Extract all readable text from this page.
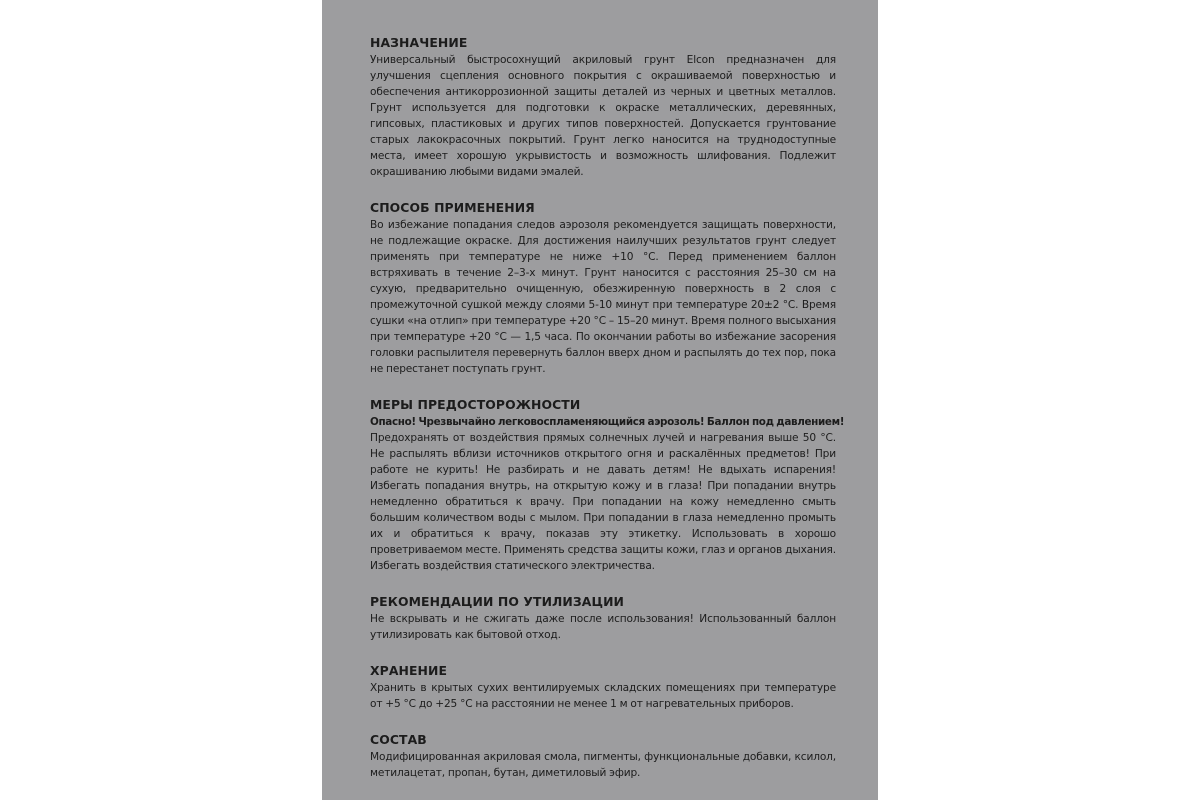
НАЗНАЧЕНИЕ

Универсальный быстросохнущий акриловый грунт Elcon предназначен для улучшения сцепления основного покрытия с окрашиваемой поверхностью и обеспечения антикоррозионной защиты деталей из черных и цветных металлов. Грунт используется для подготовки к окраске металлических, деревянных, гипсовых, пластиковых и других типов поверхностей. Допускается грунтование старых лакокрасочных покрытий. Грунт легко наносится на труднодоступные места, имеет хорошую укрывистость и возможность шлифования. Подлежит окрашиванию любыми видами эмалей.

СПОСОБ ПРИМЕНЕНИЯ

Во избежание попадания следов аэрозоля рекомендуется защищать поверхности, не подлежащие окраске. Для достижения наилучших результатов грунт следует применять при температуре не ниже +10 °С. Перед применением баллон встряхивать в течение 2–3-х минут. Грунт наносится с расстояния 25–30 см на сухую, предварительно очищенную, обезжиренную поверхность в 2 слоя с промежуточной сушкой между слоями 5-10 минут при температуре 20±2 °С. Время сушки «на отлип» при температуре +20 °С – 15–20 минут. Время полного высыхания при температуре +20 °С — 1,5 часа. По окончании работы во избежание засорения головки распылителя перевернуть баллон вверх дном и распылять до тех пор, пока не перестанет поступать грунт.

МЕРЫ ПРЕДОСТОРОЖНОСТИ

Опасно! Чрезвычайно легковоспламеняющийся аэрозоль! Баллон под давлением!

Предохранять от воздействия прямых солнечных лучей и нагревания выше 50 °С. Не распылять вблизи источников открытого огня и раскалённых предметов! При работе не курить! Не разбирать и не давать детям! Не вдыхать испарения! Избегать попадания внутрь, на открытую кожу и в глаза! При попадании внутрь немедленно обратиться к врачу. При попадании на кожу немедленно смыть большим количеством воды с мылом. При попадании в глаза немедленно промыть их и обратиться к врачу, показав эту этикетку. Использовать в хорошо проветриваемом месте. Применять средства защиты кожи, глаз и органов дыхания. Избегать воздействия статического электричества.

РЕКОМЕНДАЦИИ ПО УТИЛИЗАЦИИ

Не вскрывать и не сжигать даже после использования! Использованный баллон утилизировать как бытовой отход.

ХРАНЕНИЕ

Хранить в крытых сухих вентилируемых складских помещениях при температуре от +5 °С до +25 °С на расстоянии не менее 1 м от нагревательных приборов.

СОСТАВ

Модифицированная акриловая смола, пигменты, функциональные добавки, ксилол, метилацетат, пропан, бутан, диметиловый эфир.
